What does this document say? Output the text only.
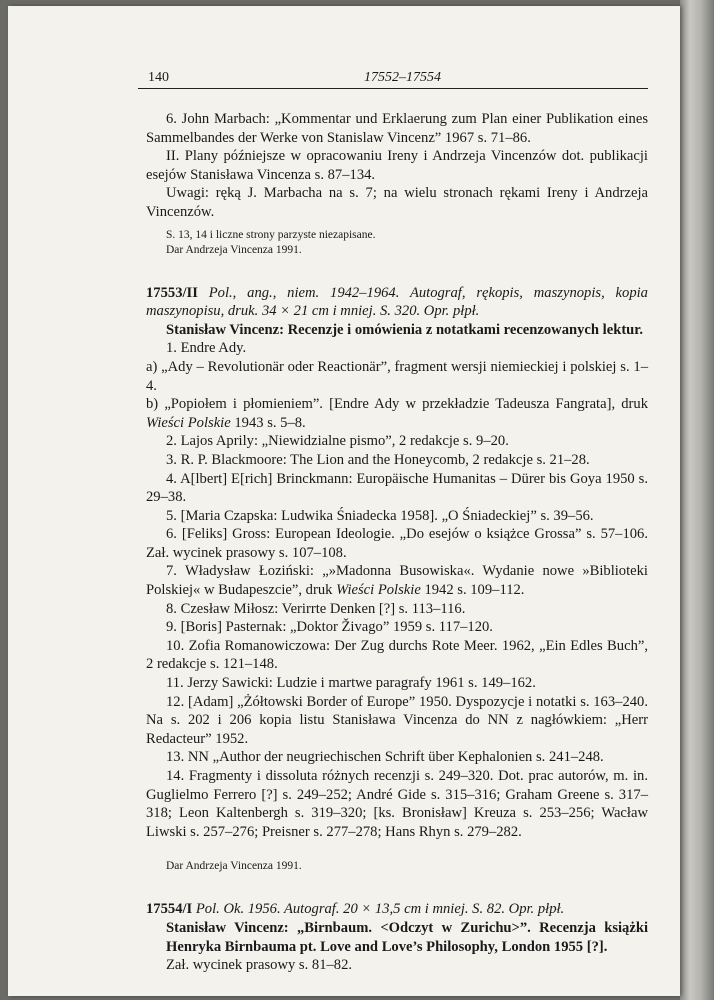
140	17552–17554

6. John Marbach: „Kommentar und Erklaerung zum Plan einer Publikation eines Sammelbandes der Werke von Stanislaw Vincenz” 1967 s. 71–86.

II. Plany późniejsze w opracowaniu Ireny i Andrzeja Vincenzów dot. publikacji esejów Stanisława Vincenza s. 87–134.

Uwagi: ręką J. Marbacha na s. 7; na wielu stronach rękami Ireny i Andrzeja Vincenzów.

S. 13, 14 i liczne strony parzyste niezapisane.

Dar Andrzeja Vincenza 1991.

17553/II Pol., ang., niem. 1942–1964. Autograf, rękopis, maszynopis, kopia maszynopisu, druk. 34 × 21 cm i mniej. S. 320. Opr. płpł.

Stanisław Vincenz: Recenzje i omówienia z notatkami recenzowanych lektur.

1. Endre Ady.

a) „Ady – Revolutionär oder Reactionär”, fragment wersji niemieckiej i polskiej s. 1–4.

b) „Popiołem i płomieniem”. [Endre Ady w przekładzie Tadeusza Fangrata], druk Wieści Polskie 1943 s. 5–8.

2. Lajos Aprily: „Niewidzialne pismo”, 2 redakcje s. 9–20.

3. R. P. Blackmoore: The Lion and the Honeycomb, 2 redakcje s. 21–28.

4. A[lbert] E[rich] Brinckmann: Europäische Humanitas – Dürer bis Goya 1950 s. 29–38.

5. [Maria Czapska: Ludwika Śniadecka 1958]. „O Śniadeckiej” s. 39–56.

6. [Feliks] Gross: European Ideologie. „Do esejów o książce Grossa” s. 57–106. Zał. wycinek prasowy s. 107–108.

7. Władysław Łoziński: „»Madonna Busowiska«. Wydanie nowe »Biblioteki Polskiej« w Budapeszcie”, druk Wieści Polskie 1942 s. 109–112.

8. Czesław Miłosz: Verirrte Denken [?] s. 113–116.

9. [Boris] Pasternak: „Doktor Živago” 1959 s. 117–120.

10. Zofia Romanowiczowa: Der Zug durchs Rote Meer. 1962, „Ein Edles Buch”, 2 redakcje s. 121–148.

11. Jerzy Sawicki: Ludzie i martwe paragrafy 1961 s. 149–162.

12. [Adam] „Żółtowski Border of Europe” 1950. Dyspozycje i notatki s. 163–240. Na s. 202 i 206 kopia listu Stanisława Vincenza do NN z nagłówkiem: „Herr Redacteur” 1952.

13. NN „Author der neugriechischen Schrift über Kephalonien s. 241–248.

14. Fragmenty i dissoluta różnych recenzji s. 249–320. Dot. prac autorów, m. in. Guglielmo Ferrero [?] s. 249–252; André Gide s. 315–316; Graham Greene s. 317–318; Leon Kaltenbergh s. 319–320; [ks. Bronisław] Kreuza s. 253–256; Wacław Liwski s. 257–276; Preisner s. 277–278; Hans Rhyn s. 279–282.

Dar Andrzeja Vincenza 1991.

17554/I Pol. Ok. 1956. Autograf. 20 × 13,5 cm i mniej. S. 82. Opr. płpł.

Stanisław Vincenz: „Birnbaum. <Odczyt w Zurichu>”. Recenzja książki Henryka Birnbauma pt. Love and Love’s Philosophy, London 1955 [?].

Zał. wycinek prasowy s. 81–82.
